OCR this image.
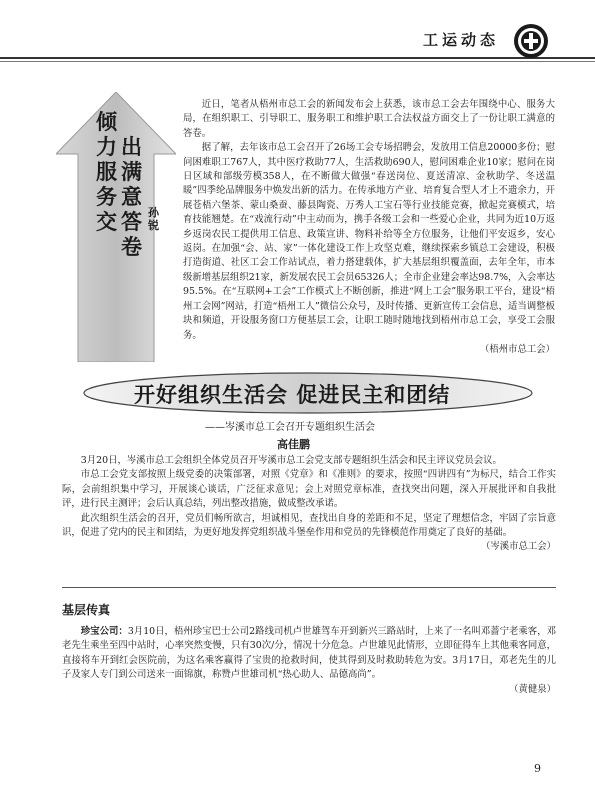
工运动态
倾力服务交
出满意答卷
孙锐

近日，笔者从梧州市总工会的新闻发布会上获悉，该市总工会去年围绕中心、服务大局，在组织职工、引导职工、服务职工和维护职工合法权益方面交上了一份让职工满意的答卷。

据了解，去年该市总工会召开了26场工会专场招聘会，发放用工信息20000多份；慰问困难职工767人，其中医疗救助77人，生活救助690人，慰问困难企业10家；慰问在岗日区域和部级劳模358人，在不断做大做强“春送岗位、夏送清凉、金秋助学、冬送温暖”四季纶品牌服务中焕发出新的活力。在传承地方产业、培育复合型人才上不遗余力，开展苍梧六堡茶、蒙山桑蚕、藤县陶瓷、万秀人工宝石等行业技能竞赛，掀起竞赛模式，培育技能翘楚。在“戏流行动”中主动而为，携手各级工会和一些爱心企业，共同为近10万返乡返岗农民工提供用工信息、政策宣讲、物料补给等全方位服务，让他们平安返乡，安心返岗。在加强“会、站、家”一体化建设工作上攻坚克难，继续探索乡镇总工会建设，积极打造街道、社区工会工作站试点，着力搭建载体，扩大基层组织覆盖面，去年全年，市本级新增基层组织21家，新发展农民工会员65326人；全市企业建会率达98.7%，入会率达95.5%。在“互联网+工会”工作模式上不断创新，推进“网上工会”服务职工平台，建设“梧州工会网”网站，打造“梧州工人”微信公众号，及时传播、更新宣传工会信息，适当调整板块和频道，开设服务窗口方便基层工会，让职工随时随地找到梧州市总工会，享受工会服务。

（梧州市总工会）
开好组织生活会 促进民主和团结
——岑溪市总工会召开专题组织生活会
高佳鹏

3月20日，岑溪市总工会组织全体党员召开岑溪市总工会党支部专题组织生活会和民主评议党员会议。

市总工会党支部按照上级党委的决策部署，对照《党章》和《准则》的要求，按照“四讲四有”为标尺，结合工作实际，会前组织集中学习，开展谈心谈话，广泛征求意见；会上对照党章标准，查找突出问题，深入开展批评和自我批评，进行民主测评；会后认真总结，列出整改措施，做成整改承诺。

此次组织生活会的召开，党员们畅所欲言，坦诚相见，查找出自身的差距和不足，坚定了理想信念，牢固了宗旨意识，促进了党内的民主和团结，为更好地发挥党组织战斗堡垒作用和党员的先锋模范作用奠定了良好的基础。

（岑溪市总工会）
基层传真

珍宝公司：3月10日，梧州珍宝巴士公司2路线司机卢世雄驾车开到新兴三路站时，上来了一名叫邓蔷宁老乘客，邓老先生乘坐至四中站时，心率突然变慢，只有30次/分，情况十分危急。卢世雄见此情形，立即征得车上其他乘客同意，直接将车开到红会医院前，为这名乘客赢得了宝贵的抢救时间，使其得到及时救助转危为安。3月17日，邓老先生的儿子及家人专门到公司送来一面锦旗，称赞卢世雄司机“热心助人、品德高尚”。

（黄健泉）
9
